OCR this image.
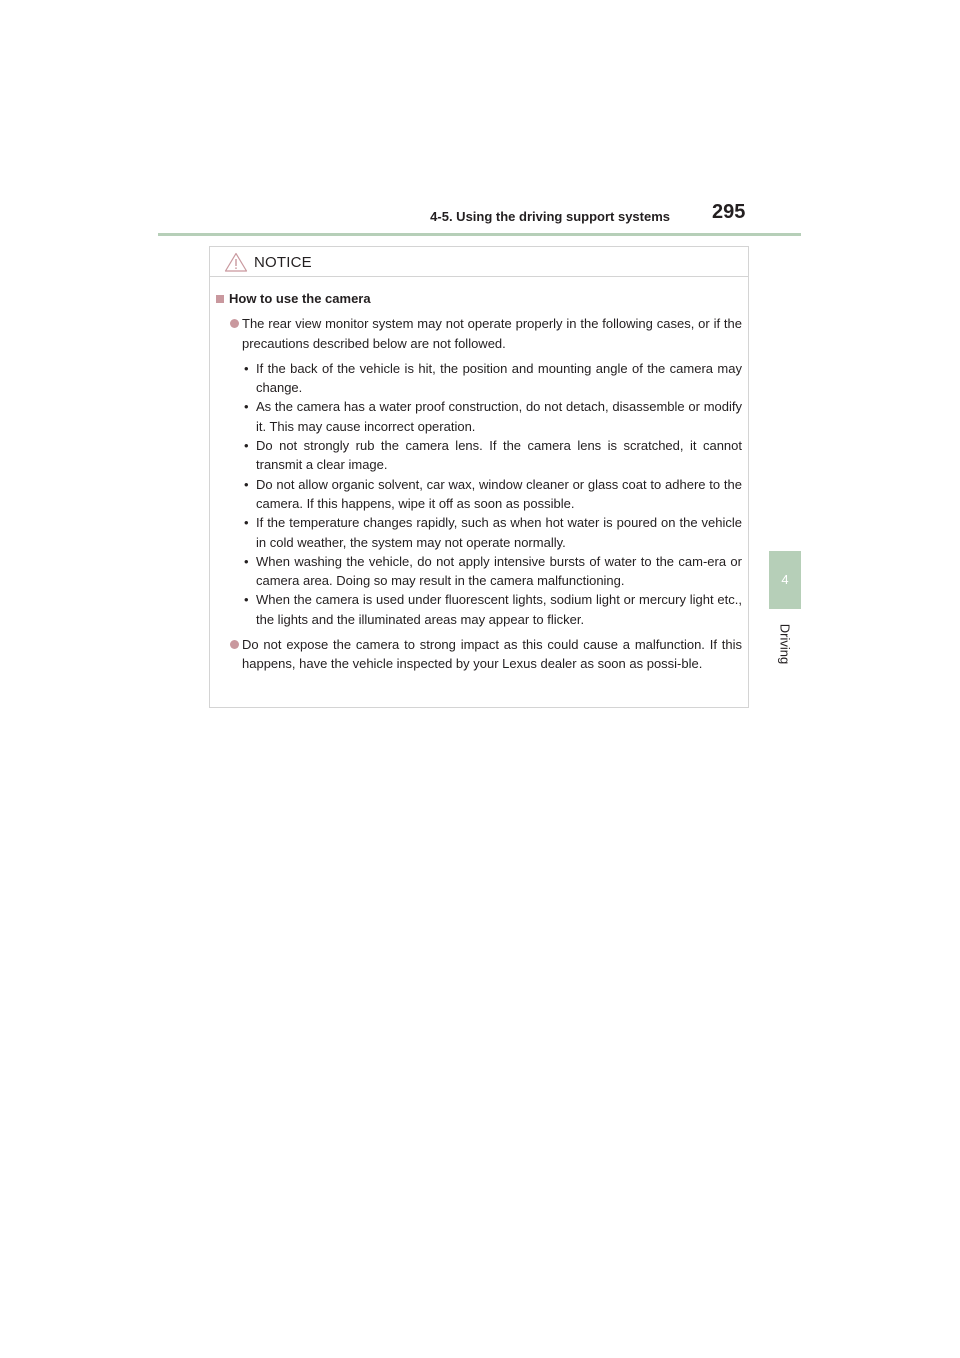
4-5. Using the driving support systems 295
4
Driving
NOTICE
How to use the camera
The rear view monitor system may not operate properly in the following cases, or if the precautions described below are not followed.
• If the back of the vehicle is hit, the position and mounting angle of the camera may change.
• As the camera has a water proof construction, do not detach, disassemble or modify it. This may cause incorrect operation.
• Do not strongly rub the camera lens. If the camera lens is scratched, it cannot transmit a clear image.
• Do not allow organic solvent, car wax, window cleaner or glass coat to adhere to the camera. If this happens, wipe it off as soon as possible.
• If the temperature changes rapidly, such as when hot water is poured on the vehicle in cold weather, the system may not operate normally.
• When washing the vehicle, do not apply intensive bursts of water to the cam-era or camera area. Doing so may result in the camera malfunctioning.
• When the camera is used under fluorescent lights, sodium light or mercury light etc., the lights and the illuminated areas may appear to flicker.
Do not expose the camera to strong impact as this could cause a malfunction. If this happens, have the vehicle inspected by your Lexus dealer as soon as possi-ble.
